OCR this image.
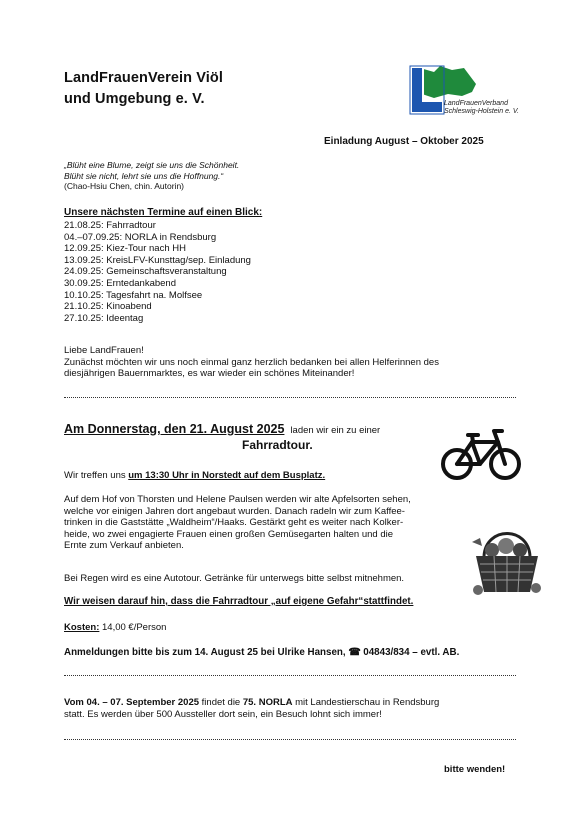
LandFrauenVerein Viöl
und Umgebung e. V.	LandFrauenVerband
Schleswig-Holstein e. V.
Einladung August – Oktober 2025
„Blüht eine Blume, zeigt sie uns die Schönheit.
Blüht sie nicht, lehrt sie uns die Hoffnung.“
(Chao-Hsiu Chen, chin. Autorin)
Unsere nächsten Termine auf einen Blick:
21.08.25: Fahrradtour
04.–07.09.25: NORLA in Rendsburg
12.09.25: Kiez-Tour nach HH
13.09.25: KreisLFV-Kunsttag/sep. Einladung
24.09.25: Gemeinschaftsveranstaltung
30.09.25: Erntedankabend
10.10.25: Tagesfahrt na. Molfsee
21.10.25: Kinoabend
27.10.25: Ideentag
Liebe LandFrauen!
Zunächst möchten wir uns noch einmal ganz herzlich bedanken bei allen Helferinnen des
diesjährigen Bauernmarktes, es war wieder ein schönes Miteinander!
Am Donnerstag, den 21. August 2025 laden wir ein zu einer
Fahrradtour.
Wir treffen uns um 13:30 Uhr in Norstedt auf dem Busplatz.
Auf dem Hof von Thorsten und Helene Paulsen werden wir alte Apfelsorten sehen,
welche vor einigen Jahren dort angebaut wurden. Danach radeln wir zum Kaffee-
trinken in die Gaststätte „Waldheim“/Haaks. Gestärkt geht es weiter nach Kolker-
heide, wo zwei engagierte Frauen einen großen Gemüsegarten halten und die
Ernte zum Verkauf anbieten.
Bei Regen wird es eine Autotour. Getränke für unterwegs bitte selbst mitnehmen.
Wir weisen darauf hin, dass die Fahrradtour „auf eigene Gefahr“stattfindet.
Kosten: 14,00 €/Person
Anmeldungen bitte bis zum 14. August 25 bei Ulrike Hansen, ☎ 04843/834 – evtl. AB.
Vom 04. – 07. September 2025 findet die 75. NORLA mit Landestierschau in Rendsburg
statt. Es werden über 500 Aussteller dort sein, ein Besuch lohnt sich immer!
bitte wenden!
